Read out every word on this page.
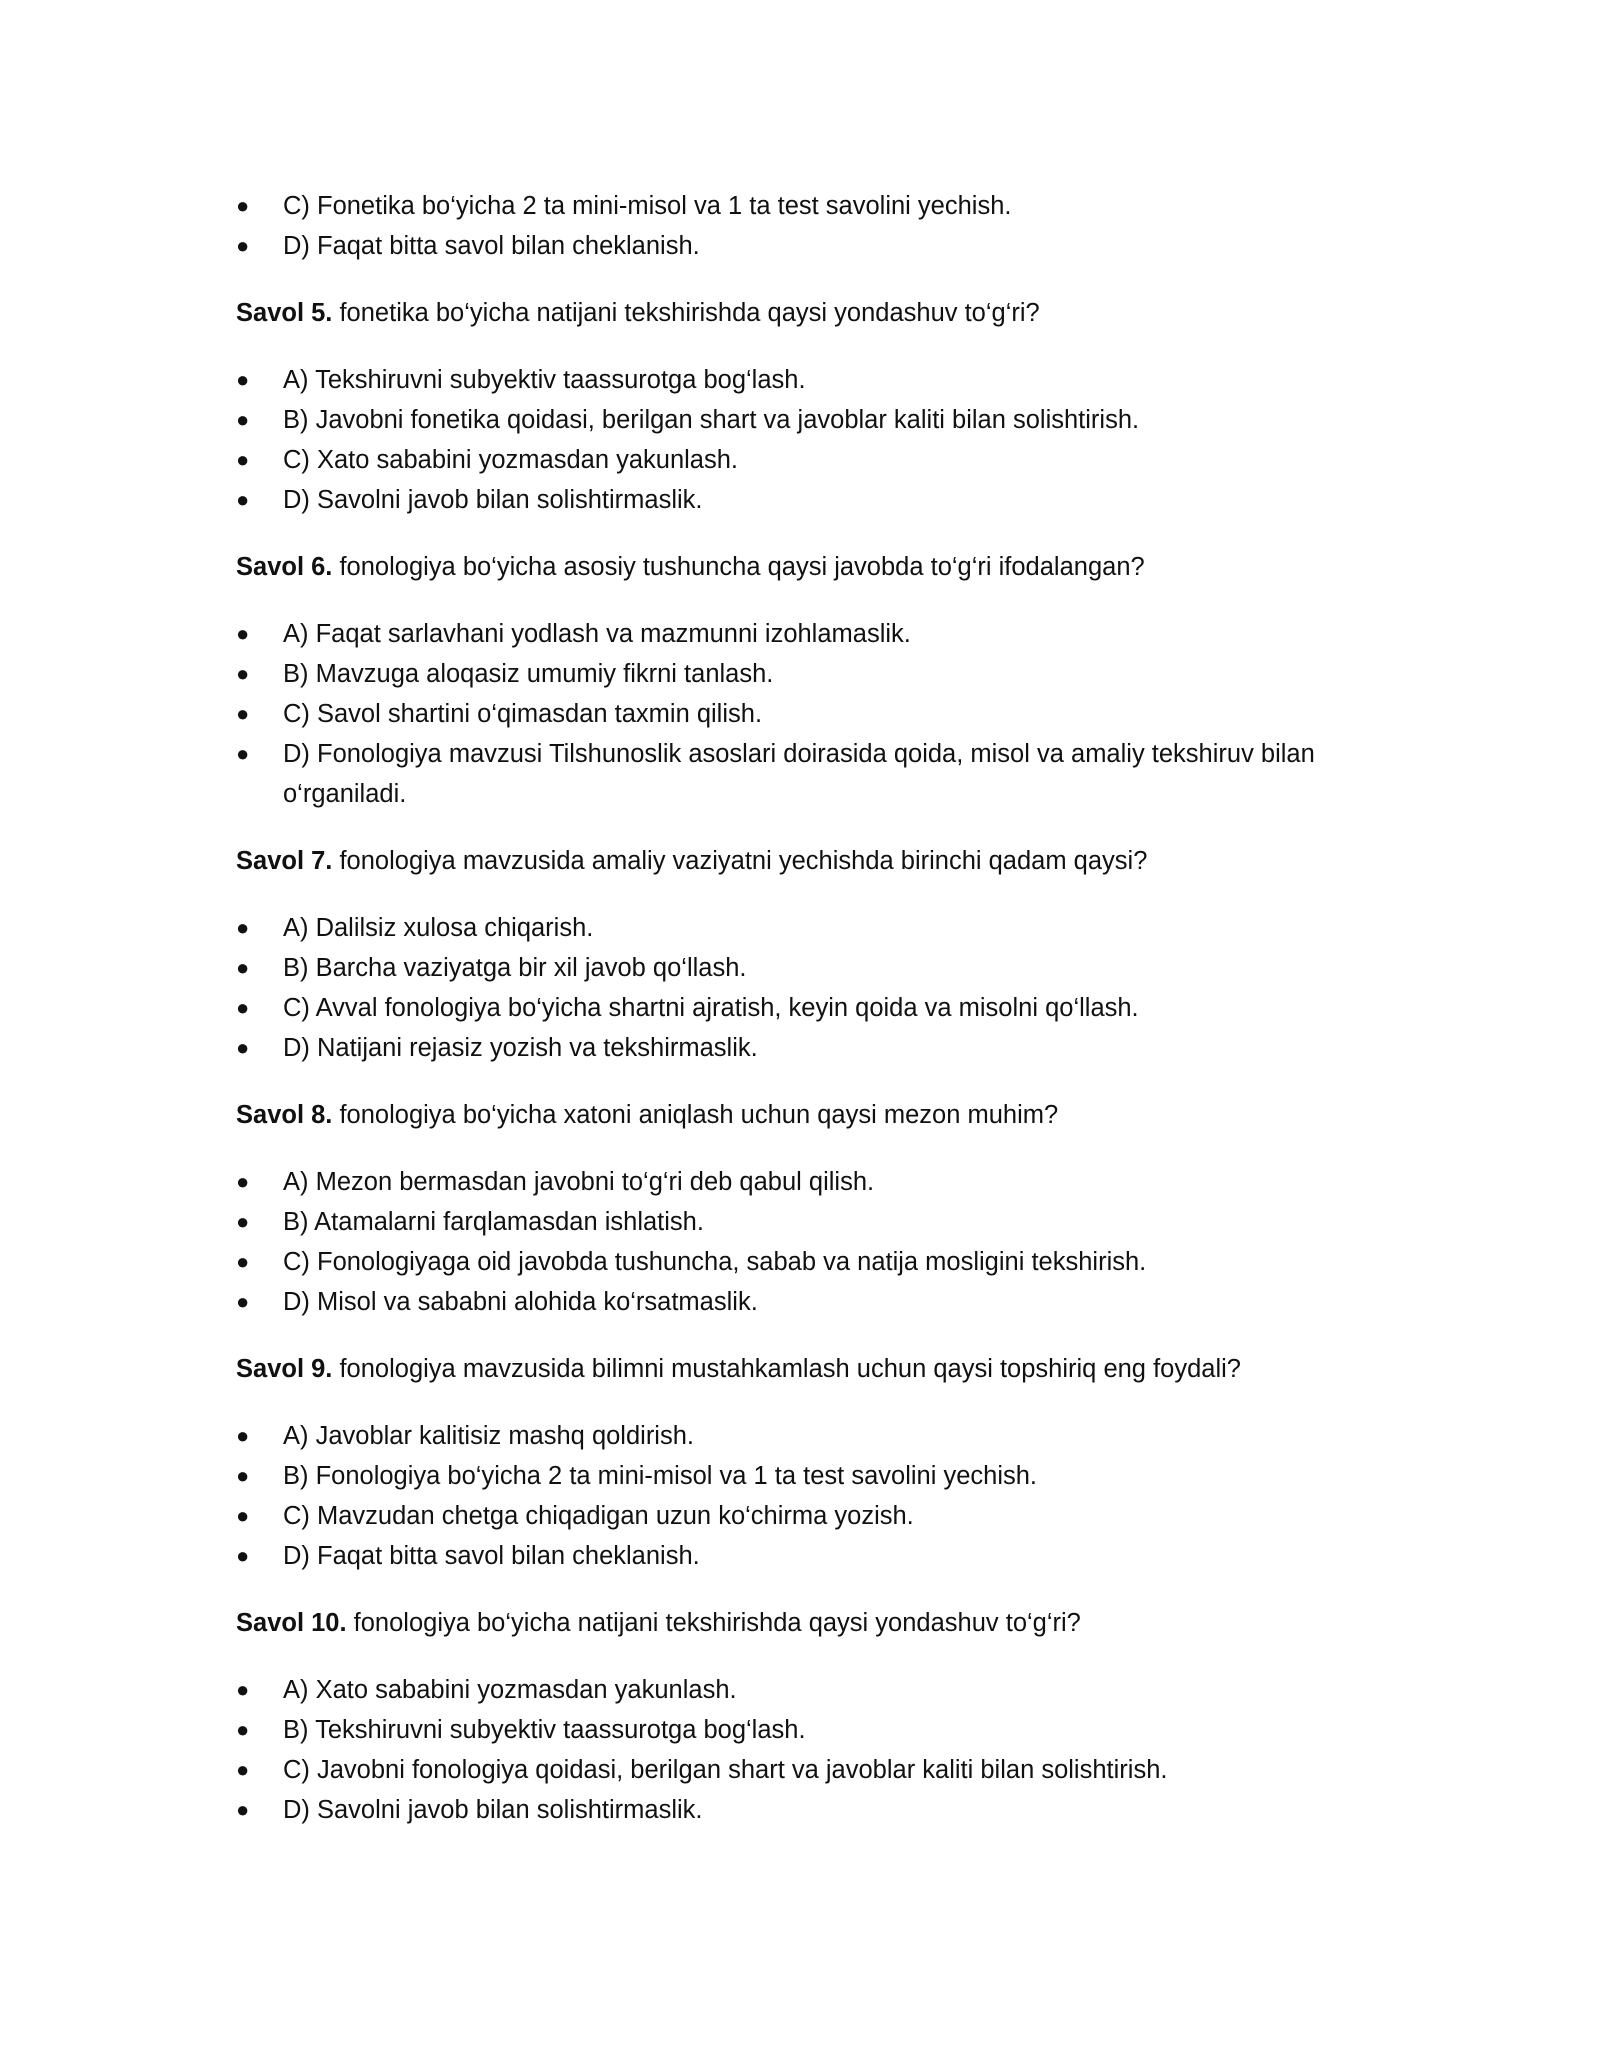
● C) Fonetika bo‘yicha 2 ta mini-misol va 1 ta test savolini yechish.
● D) Faqat bitta savol bilan cheklanish.

Savol 5. fonetika bo‘yicha natijani tekshirishda qaysi yondashuv to‘g‘ri?

● A) Tekshiruvni subyektiv taassurotga bog‘lash.
● B) Javobni fonetika qoidasi, berilgan shart va javoblar kaliti bilan solishtirish.
● C) Xato sababini yozmasdan yakunlash.
● D) Savolni javob bilan solishtirmaslik.

Savol 6. fonologiya bo‘yicha asosiy tushuncha qaysi javobda to‘g‘ri ifodalangan?

● A) Faqat sarlavhani yodlash va mazmunni izohlamaslik.
● B) Mavzuga aloqasiz umumiy fikrni tanlash.
● C) Savol shartini o‘qimasdan taxmin qilish.
● D) Fonologiya mavzusi Tilshunoslik asoslari doirasida qoida, misol va amaliy tekshiruv bilan o‘rganiladi.

Savol 7. fonologiya mavzusida amaliy vaziyatni yechishda birinchi qadam qaysi?

● A) Dalilsiz xulosa chiqarish.
● B) Barcha vaziyatga bir xil javob qo‘llash.
● C) Avval fonologiya bo‘yicha shartni ajratish, keyin qoida va misolni qo‘llash.
● D) Natijani rejasiz yozish va tekshirmaslik.

Savol 8. fonologiya bo‘yicha xatoni aniqlash uchun qaysi mezon muhim?

● A) Mezon bermasdan javobni to‘g‘ri deb qabul qilish.
● B) Atamalarni farqlamasdan ishlatish.
● C) Fonologiyaga oid javobda tushuncha, sabab va natija mosligini tekshirish.
● D) Misol va sababni alohida ko‘rsatmaslik.

Savol 9. fonologiya mavzusida bilimni mustahkamlash uchun qaysi topshiriq eng foydali?

● A) Javoblar kalitisiz mashq qoldirish.
● B) Fonologiya bo‘yicha 2 ta mini-misol va 1 ta test savolini yechish.
● C) Mavzudan chetga chiqadigan uzun ko‘chirma yozish.
● D) Faqat bitta savol bilan cheklanish.

Savol 10. fonologiya bo‘yicha natijani tekshirishda qaysi yondashuv to‘g‘ri?

● A) Xato sababini yozmasdan yakunlash.
● B) Tekshiruvni subyektiv taassurotga bog‘lash.
● C) Javobni fonologiya qoidasi, berilgan shart va javoblar kaliti bilan solishtirish.
● D) Savolni javob bilan solishtirmaslik.
